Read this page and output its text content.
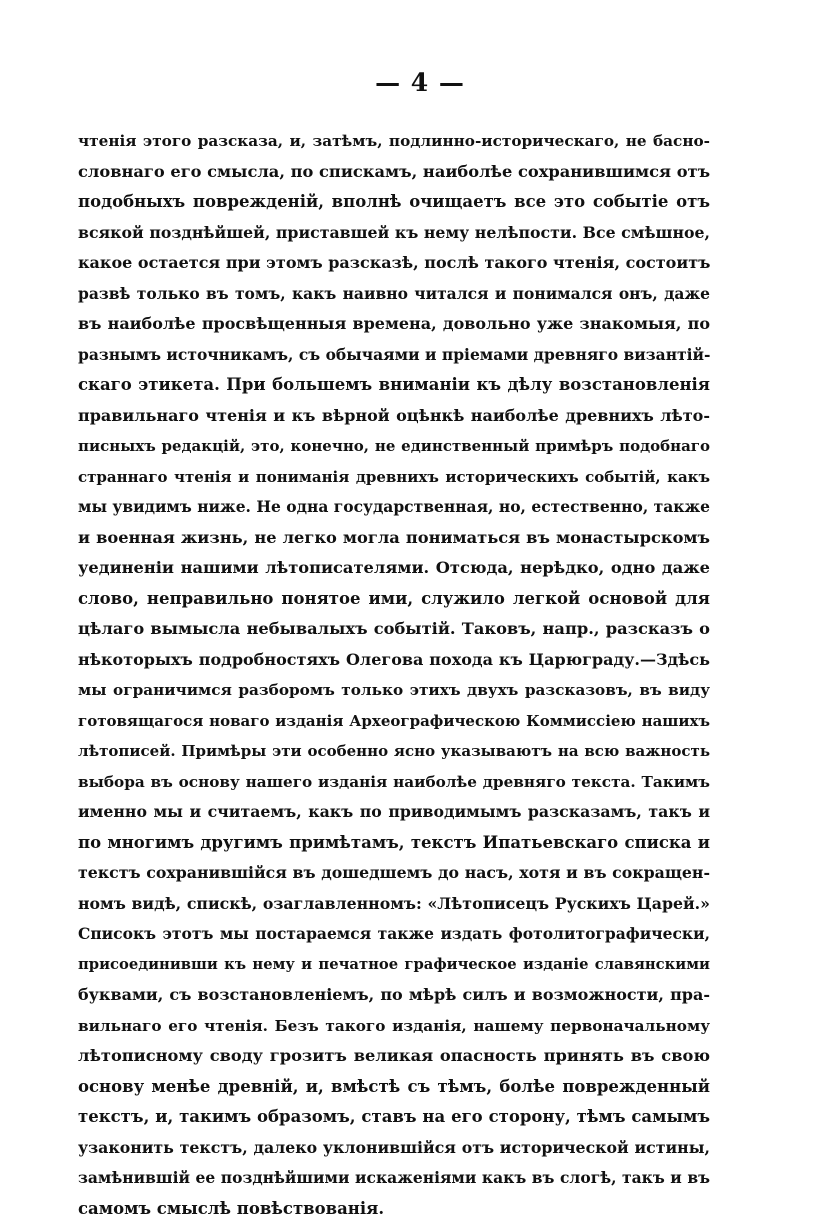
— 4 —
чтенія этого разсказа, и, затѣмъ, подлинно-историческаго, не басно-
словнаго его смысла, по спискамъ, наиболѣе сохранившимся отъ
подобныхъ поврежденій, вполнѣ очищаетъ все это событіе отъ
всякой позднѣйшей, приставшей къ нему нелѣпости. Все смѣшное,
какое остается при этомъ разсказѣ, послѣ такого чтенія, состоитъ
развѣ только въ томъ, какъ наивно читался и понимался онъ, даже
въ наиболѣе просвѣщенныя времена, довольно уже знакомыя, по
разнымъ источникамъ, съ обычаями и пріемами древняго византій-
скаго этикета. При большемъ вниманіи къ дѣлу возстановленія
правильнаго чтенія и къ вѣрной оцѣнкѣ наиболѣе древнихъ лѣто-
писныхъ редакцій, это, конечно, не единственный примѣръ подобнаго
страннаго чтенія и пониманія древнихъ историческихъ событій, какъ
мы увидимъ ниже. Не одна государственная, но, естественно, также
и военная жизнь, не легко могла пониматься въ монастырскомъ
уединеніи нашими лѣтописателями. Отсюда, нерѣдко, одно даже
слово, неправильно понятое ими, служило легкой основой для
цѣлаго вымысла небывалыхъ событій. Таковъ, напр., разсказъ о
нѣкоторыхъ подробностяхъ Олегова похода къ Царюграду.—Здѣсь
мы ограничимся разборомъ только этихъ двухъ разсказовъ, въ виду
готовящагося новаго изданія Археографическою Коммиссіею нашихъ
лѣтописей. Примѣры эти особенно ясно указываютъ на всю важность
выбора въ основу нашего изданія наиболѣе древняго текста. Такимъ
именно мы и считаемъ, какъ по приводимымъ разсказамъ, такъ и
по многимъ другимъ примѣтамъ, текстъ Ипатьевскаго списка и
текстъ сохранившійся въ дошедшемъ до насъ, хотя и въ сокращен-
номъ видѣ, спискѣ, озаглавленномъ: «Лѣтописецъ Рускихъ Царей.»
Списокъ этотъ мы постараемся также издать фотолитографически,
присоединивши къ нему и печатное графическое изданіе славянскими
буквами, съ возстановленіемъ, по мѣрѣ силъ и возможности, пра-
вильнаго его чтенія. Безъ такого изданія, нашему первоначальному
лѣтописному своду грозитъ великая опасность принять въ свою
основу менѣе древній, и, вмѣстѣ съ тѣмъ, болѣе поврежденный
текстъ, и, такимъ образомъ, ставъ на его сторону, тѣмъ самымъ
узаконить текстъ, далеко уклонившійся отъ исторической истины,
замѣнившій ее позднѣйшими искаженіями какъ въ слогѣ, такъ и въ
самомъ смыслѣ повѣствованія.
